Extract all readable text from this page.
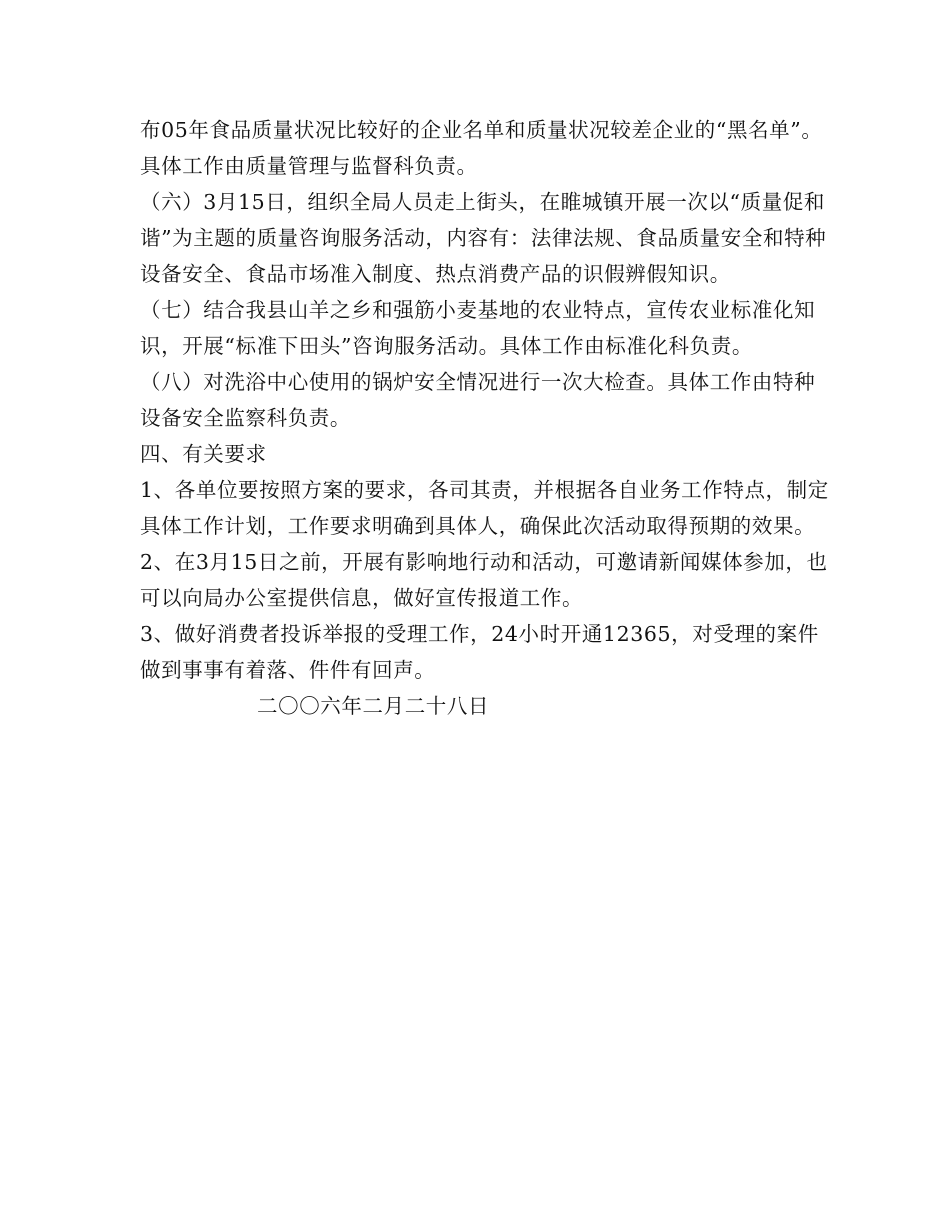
布05年食品质量状况比较好的企业名单和质量状况较差企业的“黑名单”。具体工作由质量管理与监督科负责。

（六）3月15日，组织全局人员走上街头，在睢城镇开展一次以“质量促和谐”为主题的质量咨询服务活动，内容有：法律法规、食品质量安全和特种设备安全、食品市场准入制度、热点消费产品的识假辨假知识。

（七）结合我县山羊之乡和强筋小麦基地的农业特点，宣传农业标准化知识，开展“标准下田头”咨询服务活动。具体工作由标准化科负责。

（八）对洗浴中心使用的锅炉安全情况进行一次大检查。具体工作由特种设备安全监察科负责。

四、有关要求

1、各单位要按照方案的要求，各司其责，并根据各自业务工作特点，制定具体工作计划，工作要求明确到具体人，确保此次活动取得预期的效果。

2、在3月15日之前，开展有影响地行动和活动，可邀请新闻媒体参加，也可以向局办公室提供信息，做好宣传报道工作。

3、做好消费者投诉举报的受理工作，24小时开通12365，对受理的案件做到事事有着落、件件有回声。

二〇〇六年二月二十八日
